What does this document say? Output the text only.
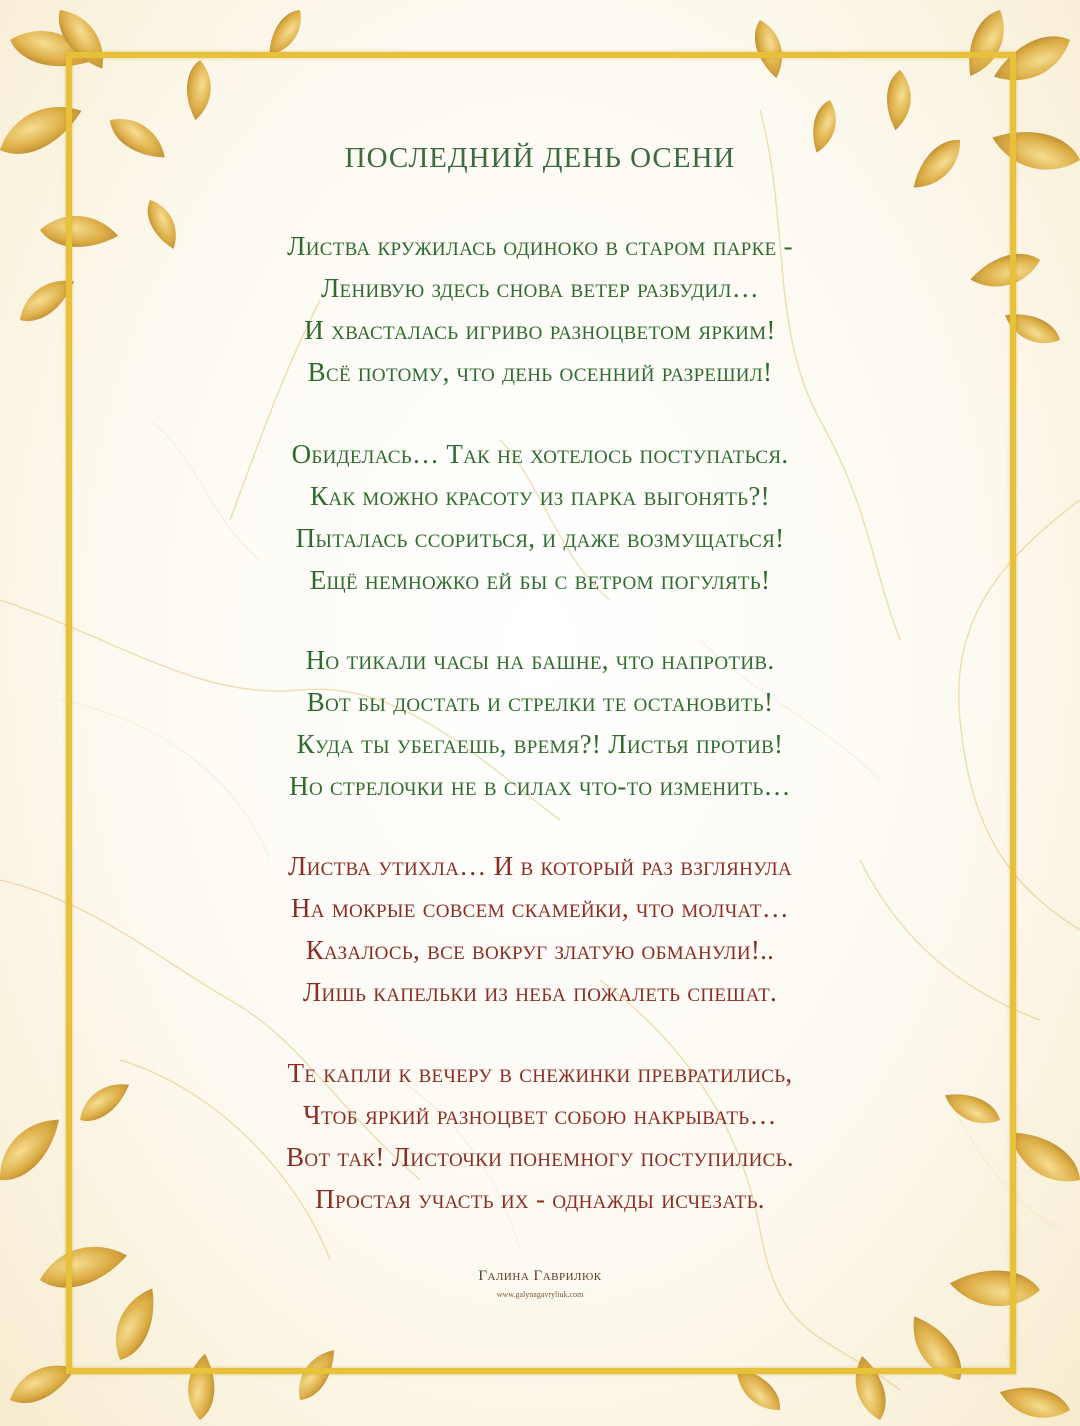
ПОСЛЕДНИЙ ДЕНЬ ОСЕНИ
Листва кружилась одиноко в старом парке -
Ленивую здесь снова ветер разбудил…
И хвасталась игриво разноцветом ярким!
Всё потому, что день осенний разрешил!
Обиделась… Так не хотелось поступаться.
Как можно красоту из парка выгонять?!
Пыталась ссориться, и даже возмущаться!
Ещё немножко ей бы с ветром погулять!
Но тикали часы на башне, что напротив.
Вот бы достать и стрелки те остановить!
Куда ты убегаешь, время?! Листья против!
Но стрелочки не в силах что-то изменить…
Листва утихла… И в который раз взглянула
На мокрые совсем скамейки, что молчат…
Казалось, все вокруг златую обманули!..
Лишь капельки из неба пожалеть спешат.
Те капли к вечеру в снежинки превратились,
Чтоб яркий разноцвет собою накрывать…
Вот так! Листочки понемногу поступились.
Простая участь их - однажды исчезать.
Галина Гаврилюк
www.galynagavryliuk.com
